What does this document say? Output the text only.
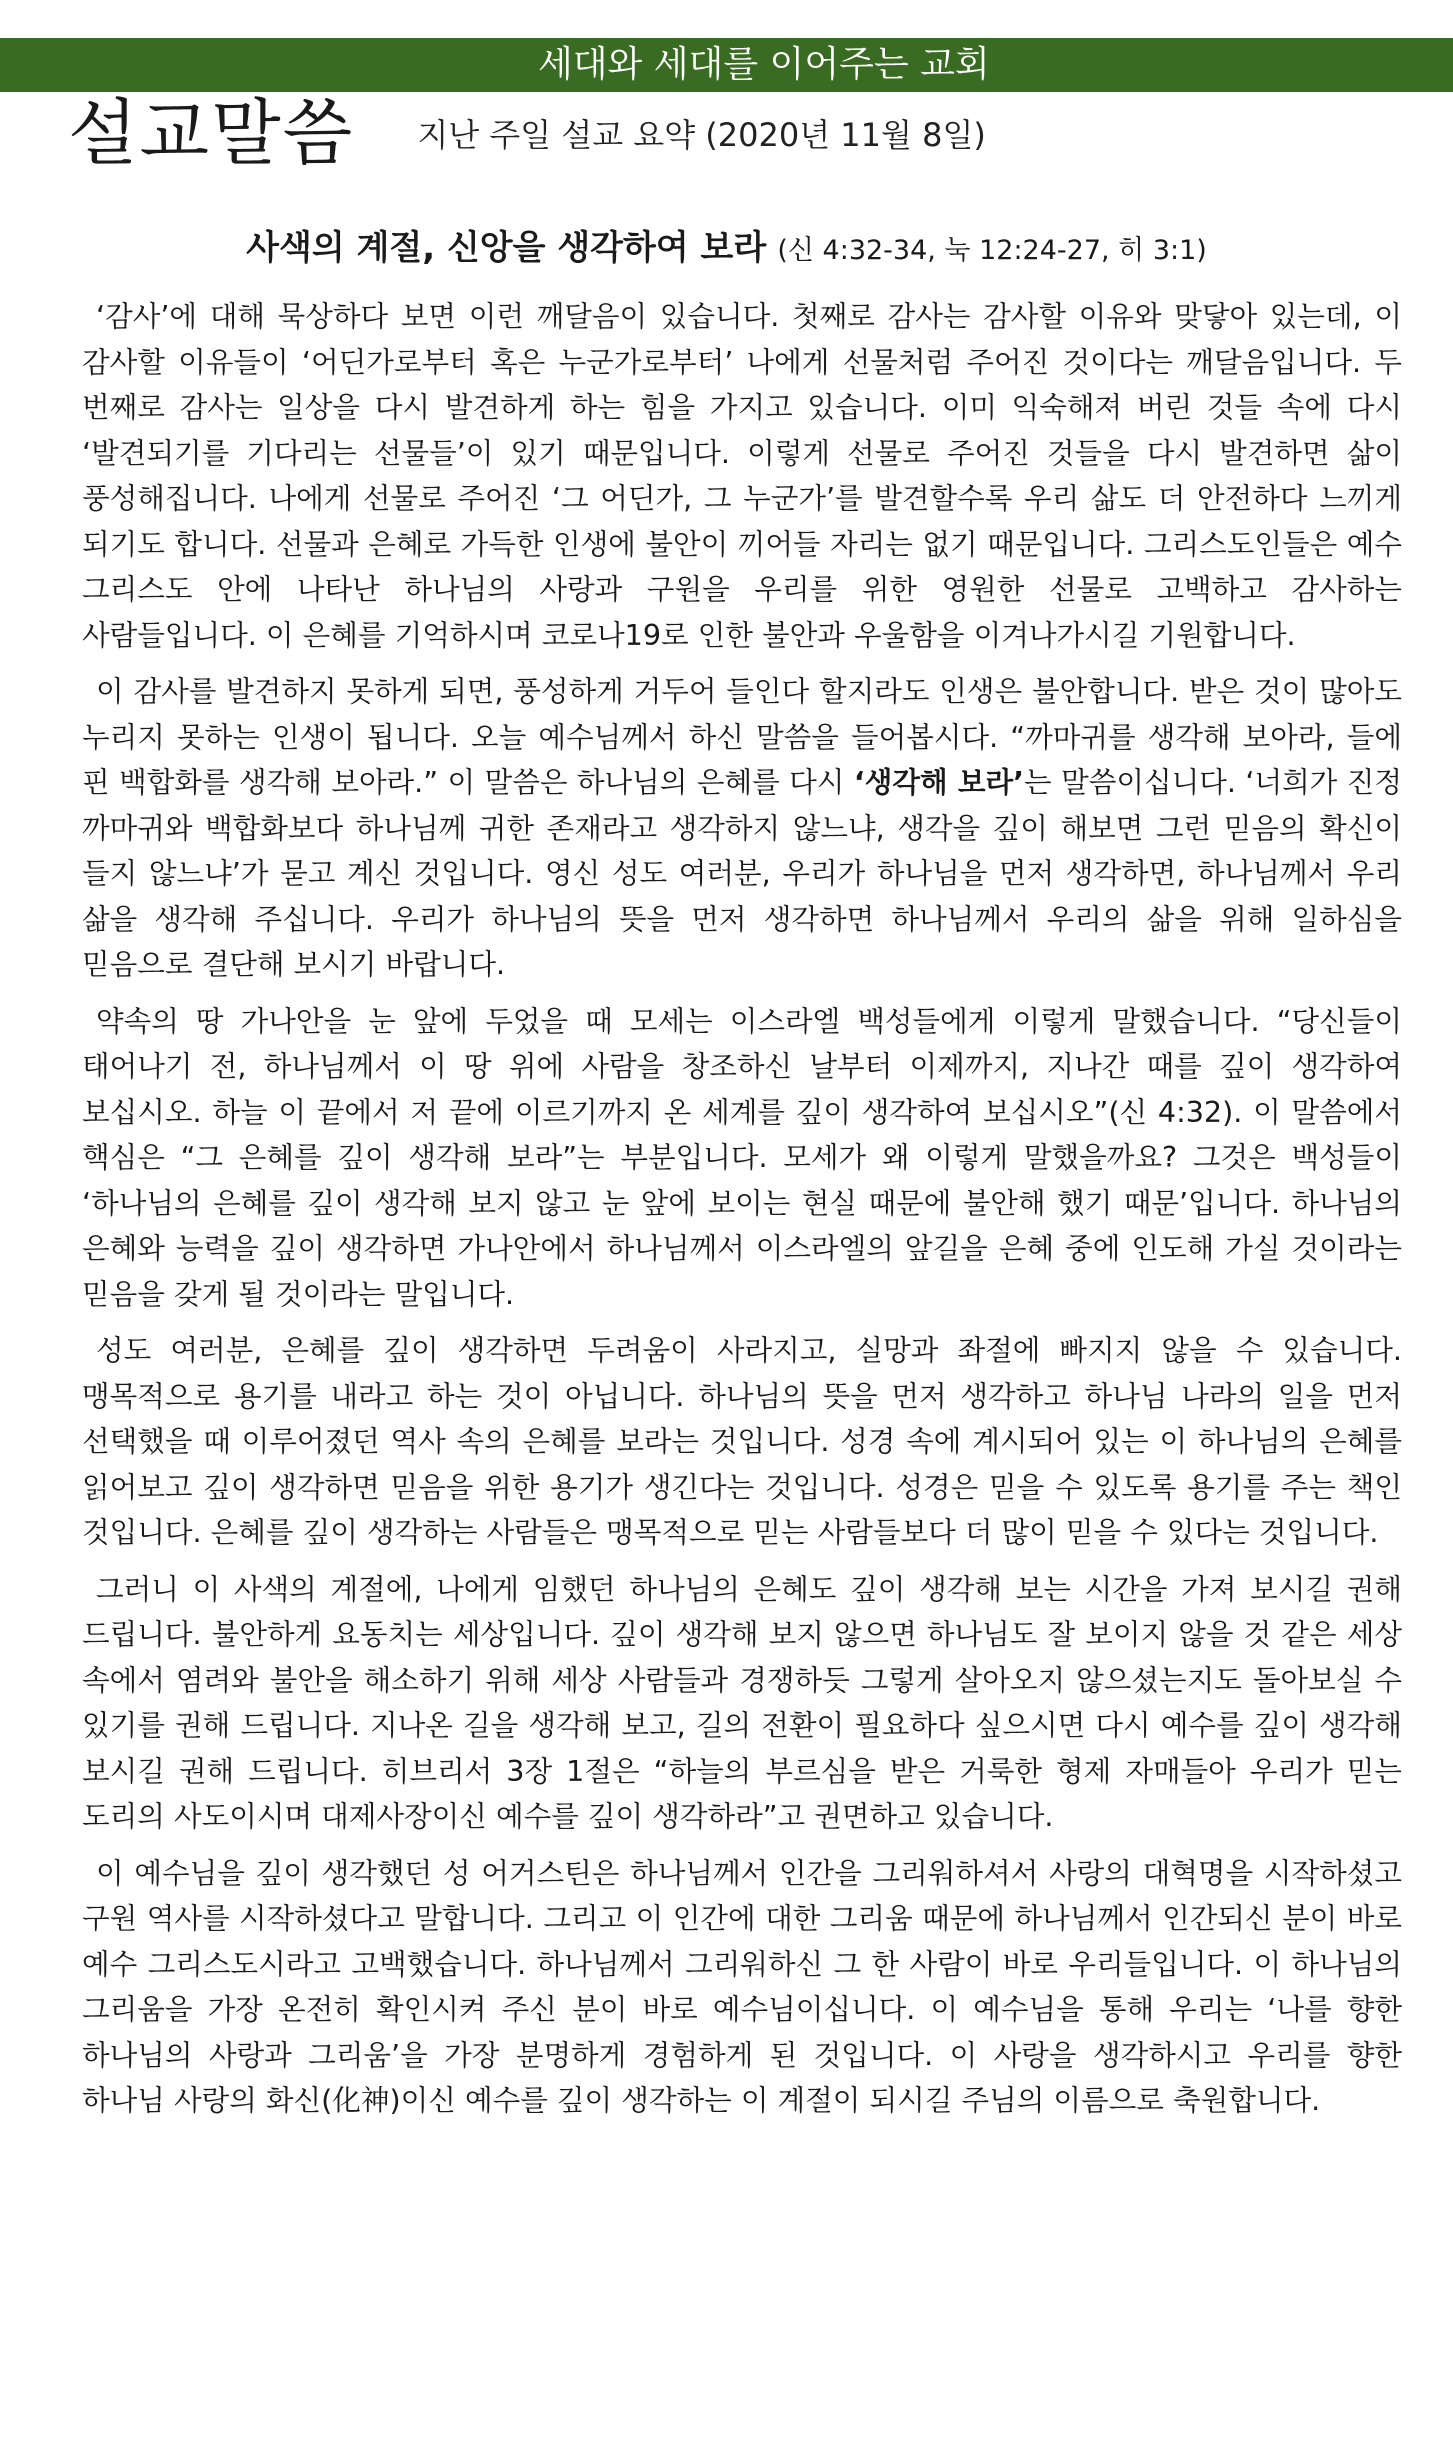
세대와 세대를 이어주는 교회
설교말씀 지난 주일 설교 요약 (2020년 11월 8일)
사색의 계절, 신앙을 생각하여 보라 (신 4:32-34, 눅 12:24-27, 히 3:1)

‘감사’에 대해 묵상하다 보면 이런 깨달음이 있습니다. 첫째로 감사는 감사할 이유와 맞닿아 있는데, 이 감사할 이유들이 ‘어딘가로부터 혹은 누군가로부터’ 나에게 선물처럼 주어진 것이다는 깨달음입니다. 두 번째로 감사는 일상을 다시 발견하게 하는 힘을 가지고 있습니다. 이미 익숙해져 버린 것들 속에 다시 ‘발견되기를 기다리는 선물들’이 있기 때문입니다. 이렇게 선물로 주어진 것들을 다시 발견하면 삶이 풍성해집니다. 나에게 선물로 주어진 ‘그 어딘가, 그 누군가’를 발견할수록 우리 삶도 더 안전하다 느끼게 되기도 합니다. 선물과 은혜로 가득한 인생에 불안이 끼어들 자리는 없기 때문입니다. 그리스도인들은 예수 그리스도 안에 나타난 하나님의 사랑과 구원을 우리를 위한 영원한 선물로 고백하고 감사하는 사람들입니다. 이 은혜를 기억하시며 코로나19로 인한 불안과 우울함을 이겨나가시길 기원합니다.

이 감사를 발견하지 못하게 되면, 풍성하게 거두어 들인다 할지라도 인생은 불안합니다. 받은 것이 많아도 누리지 못하는 인생이 됩니다. 오늘 예수님께서 하신 말씀을 들어봅시다. “까마귀를 생각해 보아라, 들에 핀 백합화를 생각해 보아라.” 이 말씀은 하나님의 은혜를 다시 ‘생각해 보라’는 말씀이십니다. ‘너희가 진정 까마귀와 백합화보다 하나님께 귀한 존재라고 생각하지 않느냐, 생각을 깊이 해보면 그런 믿음의 확신이 들지 않느냐’가 묻고 계신 것입니다. 영신 성도 여러분, 우리가 하나님을 먼저 생각하면, 하나님께서 우리 삶을 생각해 주십니다. 우리가 하나님의 뜻을 먼저 생각하면 하나님께서 우리의 삶을 위해 일하심을 믿음으로 결단해 보시기 바랍니다.

약속의 땅 가나안을 눈 앞에 두었을 때 모세는 이스라엘 백성들에게 이렇게 말했습니다. “당신들이 태어나기 전, 하나님께서 이 땅 위에 사람을 창조하신 날부터 이제까지, 지나간 때를 깊이 생각하여 보십시오. 하늘 이 끝에서 저 끝에 이르기까지 온 세계를 깊이 생각하여 보십시오”(신 4:32). 이 말씀에서 핵심은 “그 은혜를 깊이 생각해 보라”는 부분입니다. 모세가 왜 이렇게 말했을까요? 그것은 백성들이 ‘하나님의 은혜를 깊이 생각해 보지 않고 눈 앞에 보이는 현실 때문에 불안해 했기 때문’입니다. 하나님의 은혜와 능력을 깊이 생각하면 가나안에서 하나님께서 이스라엘의 앞길을 은혜 중에 인도해 가실 것이라는 믿음을 갖게 될 것이라는 말입니다.

성도 여러분, 은혜를 깊이 생각하면 두려움이 사라지고, 실망과 좌절에 빠지지 않을 수 있습니다. 맹목적으로 용기를 내라고 하는 것이 아닙니다. 하나님의 뜻을 먼저 생각하고 하나님 나라의 일을 먼저 선택했을 때 이루어졌던 역사 속의 은혜를 보라는 것입니다. 성경 속에 계시되어 있는 이 하나님의 은혜를 읽어보고 깊이 생각하면 믿음을 위한 용기가 생긴다는 것입니다. 성경은 믿을 수 있도록 용기를 주는 책인 것입니다. 은혜를 깊이 생각하는 사람들은 맹목적으로 믿는 사람들보다 더 많이 믿을 수 있다는 것입니다.

그러니 이 사색의 계절에, 나에게 임했던 하나님의 은혜도 깊이 생각해 보는 시간을 가져 보시길 권해 드립니다. 불안하게 요동치는 세상입니다. 깊이 생각해 보지 않으면 하나님도 잘 보이지 않을 것 같은 세상 속에서 염려와 불안을 해소하기 위해 세상 사람들과 경쟁하듯 그렇게 살아오지 않으셨는지도 돌아보실 수 있기를 권해 드립니다. 지나온 길을 생각해 보고, 길의 전환이 필요하다 싶으시면 다시 예수를 깊이 생각해 보시길 권해 드립니다. 히브리서 3장 1절은 “하늘의 부르심을 받은 거룩한 형제 자매들아 우리가 믿는 도리의 사도이시며 대제사장이신 예수를 깊이 생각하라”고 권면하고 있습니다.

이 예수님을 깊이 생각했던 성 어거스틴은 하나님께서 인간을 그리워하셔서 사랑의 대혁명을 시작하셨고 구원 역사를 시작하셨다고 말합니다. 그리고 이 인간에 대한 그리움 때문에 하나님께서 인간되신 분이 바로 예수 그리스도시라고 고백했습니다. 하나님께서 그리워하신 그 한 사람이 바로 우리들입니다. 이 하나님의 그리움을 가장 온전히 확인시켜 주신 분이 바로 예수님이십니다. 이 예수님을 통해 우리는 ‘나를 향한 하나님의 사랑과 그리움’을 가장 분명하게 경험하게 된 것입니다. 이 사랑을 생각하시고 우리를 향한 하나님 사랑의 화신(化神)이신 예수를 깊이 생각하는 이 계절이 되시길 주님의 이름으로 축원합니다.
